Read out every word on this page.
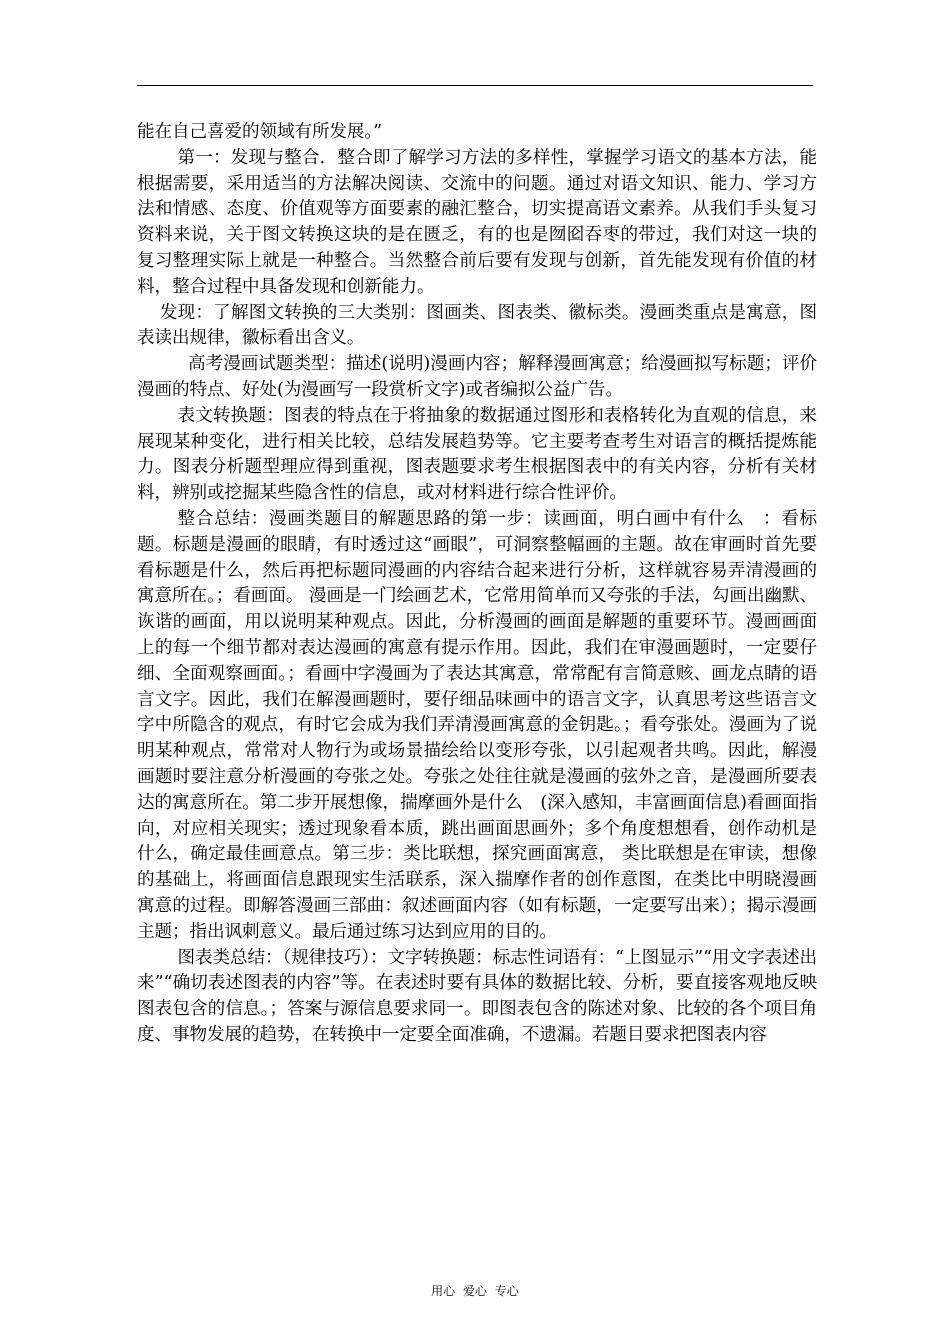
能在自己喜爱的领域有所发展。”

第一：发现与整合．整合即了解学习方法的多样性，掌握学习语文的基本方法，能根据需要，采用适当的方法解决阅读、交流中的问题。通过对语文知识、能力、学习方法和情感、态度、价值观等方面要素的融汇整合，切实提高语文素养。从我们手头复习资料来说，关于图文转换这块的是在匮乏，有的也是囫囵吞枣的带过，我们对这一块的复习整理实际上就是一种整合。当然整合前后要有发现与创新，首先能发现有价值的材料，整合过程中具备发现和创新能力。

发现：了解图文转换的三大类别：图画类、图表类、徽标类。漫画类重点是寓意，图表读出规律，徽标看出含义。

高考漫画试题类型：描述(说明)漫画内容；解释漫画寓意；给漫画拟写标题；评价漫画的特点、好处(为漫画写一段赏析文字)或者编拟公益广告。

表文转换题：图表的特点在于将抽象的数据通过图形和表格转化为直观的信息，来展现某种变化，进行相关比较，总结发展趋势等。它主要考查考生对语言的概括提炼能力。图表分析题型理应得到重视，图表题要求考生根据图表中的有关内容，分析有关材料，辨别或挖掘某些隐含性的信息，或对材料进行综合性评价。

整合总结：漫画类题目的解题思路的第一步：读画面，明白画中有什么　：看标题。标题是漫画的眼睛，有时透过这“画眼”，可洞察整幅画的主题。故在审画时首先要看标题是什么，然后再把标题同漫画的内容结合起来进行分析，这样就容易弄清漫画的寓意所在。；看画面。 漫画是一门绘画艺术，它常用简单而又夸张的手法，勾画出幽默、诙谐的画面，用以说明某种观点。因此，分析漫画的画面是解题的重要环节。漫画画面上的每一个细节都对表达漫画的寓意有提示作用。因此，我们在审漫画题时，一定要仔细、全面观察画面。；看画中字漫画为了表达其寓意，常常配有言简意赅、画龙点睛的语言文字。因此，我们在解漫画题时，要仔细品味画中的语言文字，认真思考这些语言文字中所隐含的观点，有时它会成为我们弄清漫画寓意的金钥匙。；看夸张处。漫画为了说明某种观点，常常对人物行为或场景描绘给以变形夸张，以引起观者共鸣。因此，解漫画题时要注意分析漫画的夸张之处。夸张之处往往就是漫画的弦外之音，是漫画所要表达的寓意所在。第二步开展想像，揣摩画外是什么　(深入感知，丰富画面信息)看画面指向，对应相关现实；透过现象看本质，跳出画面思画外；多个角度想想看，创作动机是什么，确定最佳画意点。第三步：类比联想，探究画面寓意， 类比联想是在审读，想像的基础上，将画面信息跟现实生活联系，深入揣摩作者的创作意图，在类比中明晓漫画寓意的过程。即解答漫画三部曲：叙述画面内容（如有标题，一定要写出来）；揭示漫画主题；指出讽刺意义。最后通过练习达到应用的目的。

图表类总结：（规律技巧）：文字转换题：标志性词语有：“上图显示”“用文字表述出来”“确切表述图表的内容”等。在表述时要有具体的数据比较、分析，要直接客观地反映图表包含的信息。；答案与源信息要求同一。即图表包含的陈述对象、比较的各个项目角度、事物发展的趋势，在转换中一定要全面准确，不遗漏。若题目要求把图表内容

用心 爱心 专心
